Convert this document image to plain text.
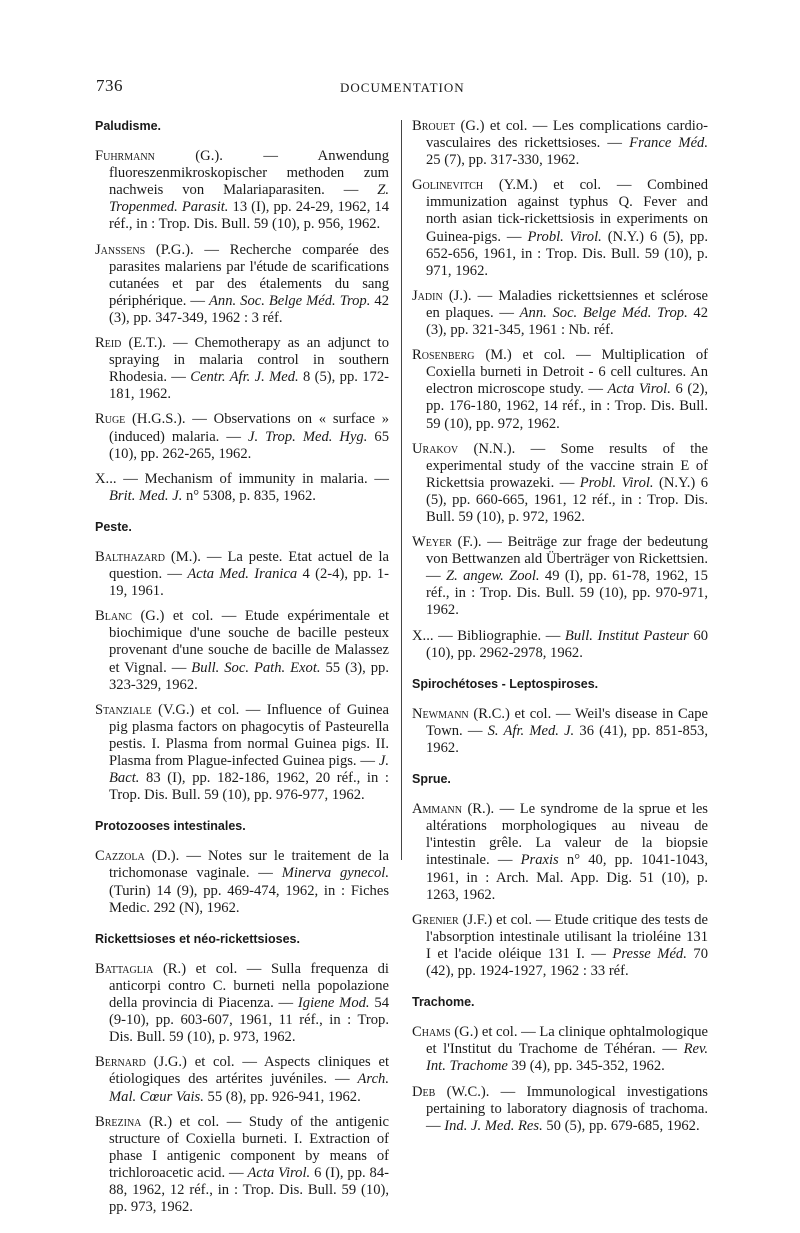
736	DOCUMENTATION
Paludisme.

Fuhrmann (G.). — Anwendung fluoreszenmikroskopischer methoden zum nachweis von Malariaparasiten. — Z. Tropenmed. Parasit. 13 (I), pp. 24-29, 1962, 14 réf., in : Trop. Dis. Bull. 59 (10), p. 956, 1962.

Janssens (P.G.). — Recherche comparée des parasites malariens par l'étude de scarifications cutanées et par des étalements du sang périphérique. — Ann. Soc. Belge Méd. Trop. 42 (3), pp. 347-349, 1962 : 3 réf.

Reid (E.T.). — Chemotherapy as an adjunct to spraying in malaria control in southern Rhodesia. — Centr. Afr. J. Med. 8 (5), pp. 172-181, 1962.

Ruge (H.G.S.). — Observations on « surface » (induced) malaria. — J. Trop. Med. Hyg. 65 (10), pp. 262-265, 1962.

X... — Mechanism of immunity in malaria. — Brit. Med. J. n° 5308, p. 835, 1962.

Peste.

Balthazard (M.). — La peste. Etat actuel de la question. — Acta Med. Iranica 4 (2-4), pp. 1-19, 1961.

Blanc (G.) et col. — Etude expérimentale et biochimique d'une souche de bacille pesteux provenant d'une souche de bacille de Malassez et Vignal. — Bull. Soc. Path. Exot. 55 (3), pp. 323-329, 1962.

Stanziale (V.G.) et col. — Influence of Guinea pig plasma factors on phagocytis of Pasteurella pestis. I. Plasma from normal Guinea pigs. II. Plasma from Plague-infected Guinea pigs. — J. Bact. 83 (I), pp. 182-186, 1962, 20 réf., in : Trop. Dis. Bull. 59 (10), pp. 976-977, 1962.

Protozooses intestinales.

Cazzola (D.). — Notes sur le traitement de la trichomonase vaginale. — Minerva gynecol. (Turin) 14 (9), pp. 469-474, 1962, in : Fiches Medic. 292 (N), 1962.

Rickettsioses et néo-rickettsioses.

Battaglia (R.) et col. — Sulla frequenza di anticorpi contro C. burneti nella popolazione della provincia di Piacenza. — Igiene Mod. 54 (9-10), pp. 603-607, 1961, 11 réf., in : Trop. Dis. Bull. 59 (10), p. 973, 1962.

Bernard (J.G.) et col. — Aspects cliniques et étiologiques des artérites juvéniles. — Arch. Mal. Cœur Vais. 55 (8), pp. 926-941, 1962.

Brezina (R.) et col. — Study of the antigenic structure of Coxiella burneti. I. Extraction of phase I antigenic component by means of trichloroacetic acid. — Acta Virol. 6 (I), pp. 84-88, 1962, 12 réf., in : Trop. Dis. Bull. 59 (10), pp. 973, 1962.

Brouet (G.) et col. — Les complications cardio-vasculaires des rickettsioses. — France Méd. 25 (7), pp. 317-330, 1962.

Golinevitch (Y.M.) et col. — Combined immunization against typhus Q. Fever and north asian tick-rickettsiosis in experiments on Guinea-pigs. — Probl. Virol. (N.Y.) 6 (5), pp. 652-656, 1961, in : Trop. Dis. Bull. 59 (10), p. 971, 1962.

Jadin (J.). — Maladies rickettsiennes et sclérose en plaques. — Ann. Soc. Belge Méd. Trop. 42 (3), pp. 321-345, 1961 : Nb. réf.

Rosenberg (M.) et col. — Multiplication of Coxiella burneti in Detroit - 6 cell cultures. An electron microscope study. — Acta Virol. 6 (2), pp. 176-180, 1962, 14 réf., in : Trop. Dis. Bull. 59 (10), pp. 972, 1962.

Urakov (N.N.). — Some results of the experimental study of the vaccine strain E of Rickettsia prowazeki. — Probl. Virol. (N.Y.) 6 (5), pp. 660-665, 1961, 12 réf., in : Trop. Dis. Bull. 59 (10), p. 972, 1962.

Weyer (F.). — Beiträge zur frage der bedeutung von Bettwanzen ald Überträger von Rickettsien. — Z. angew. Zool. 49 (I), pp. 61-78, 1962, 15 réf., in : Trop. Dis. Bull. 59 (10), pp. 970-971, 1962.

X... — Bibliographie. — Bull. Institut Pasteur 60 (10), pp. 2962-2978, 1962.

Spirochétoses - Leptospiroses.

Newmann (R.C.) et col. — Weil's disease in Cape Town. — S. Afr. Med. J. 36 (41), pp. 851-853, 1962.

Sprue.

Ammann (R.). — Le syndrome de la sprue et les altérations morphologiques au niveau de l'intestin grêle. La valeur de la biopsie intestinale. — Praxis n° 40, pp. 1041-1043, 1961, in : Arch. Mal. App. Dig. 51 (10), p. 1263, 1962.

Grenier (J.F.) et col. — Etude critique des tests de l'absorption intestinale utilisant la trioléine 131 I et l'acide oléique 131 I. — Presse Méd. 70 (42), pp. 1924-1927, 1962 : 33 réf.

Trachome.

Chams (G.) et col. — La clinique ophtalmologique et l'Institut du Trachome de Téhéran. — Rev. Int. Trachome 39 (4), pp. 345-352, 1962.

Deb (W.C.). — Immunological investigations pertaining to laboratory diagnosis of trachoma. — Ind. J. Med. Res. 50 (5), pp. 679-685, 1962.
